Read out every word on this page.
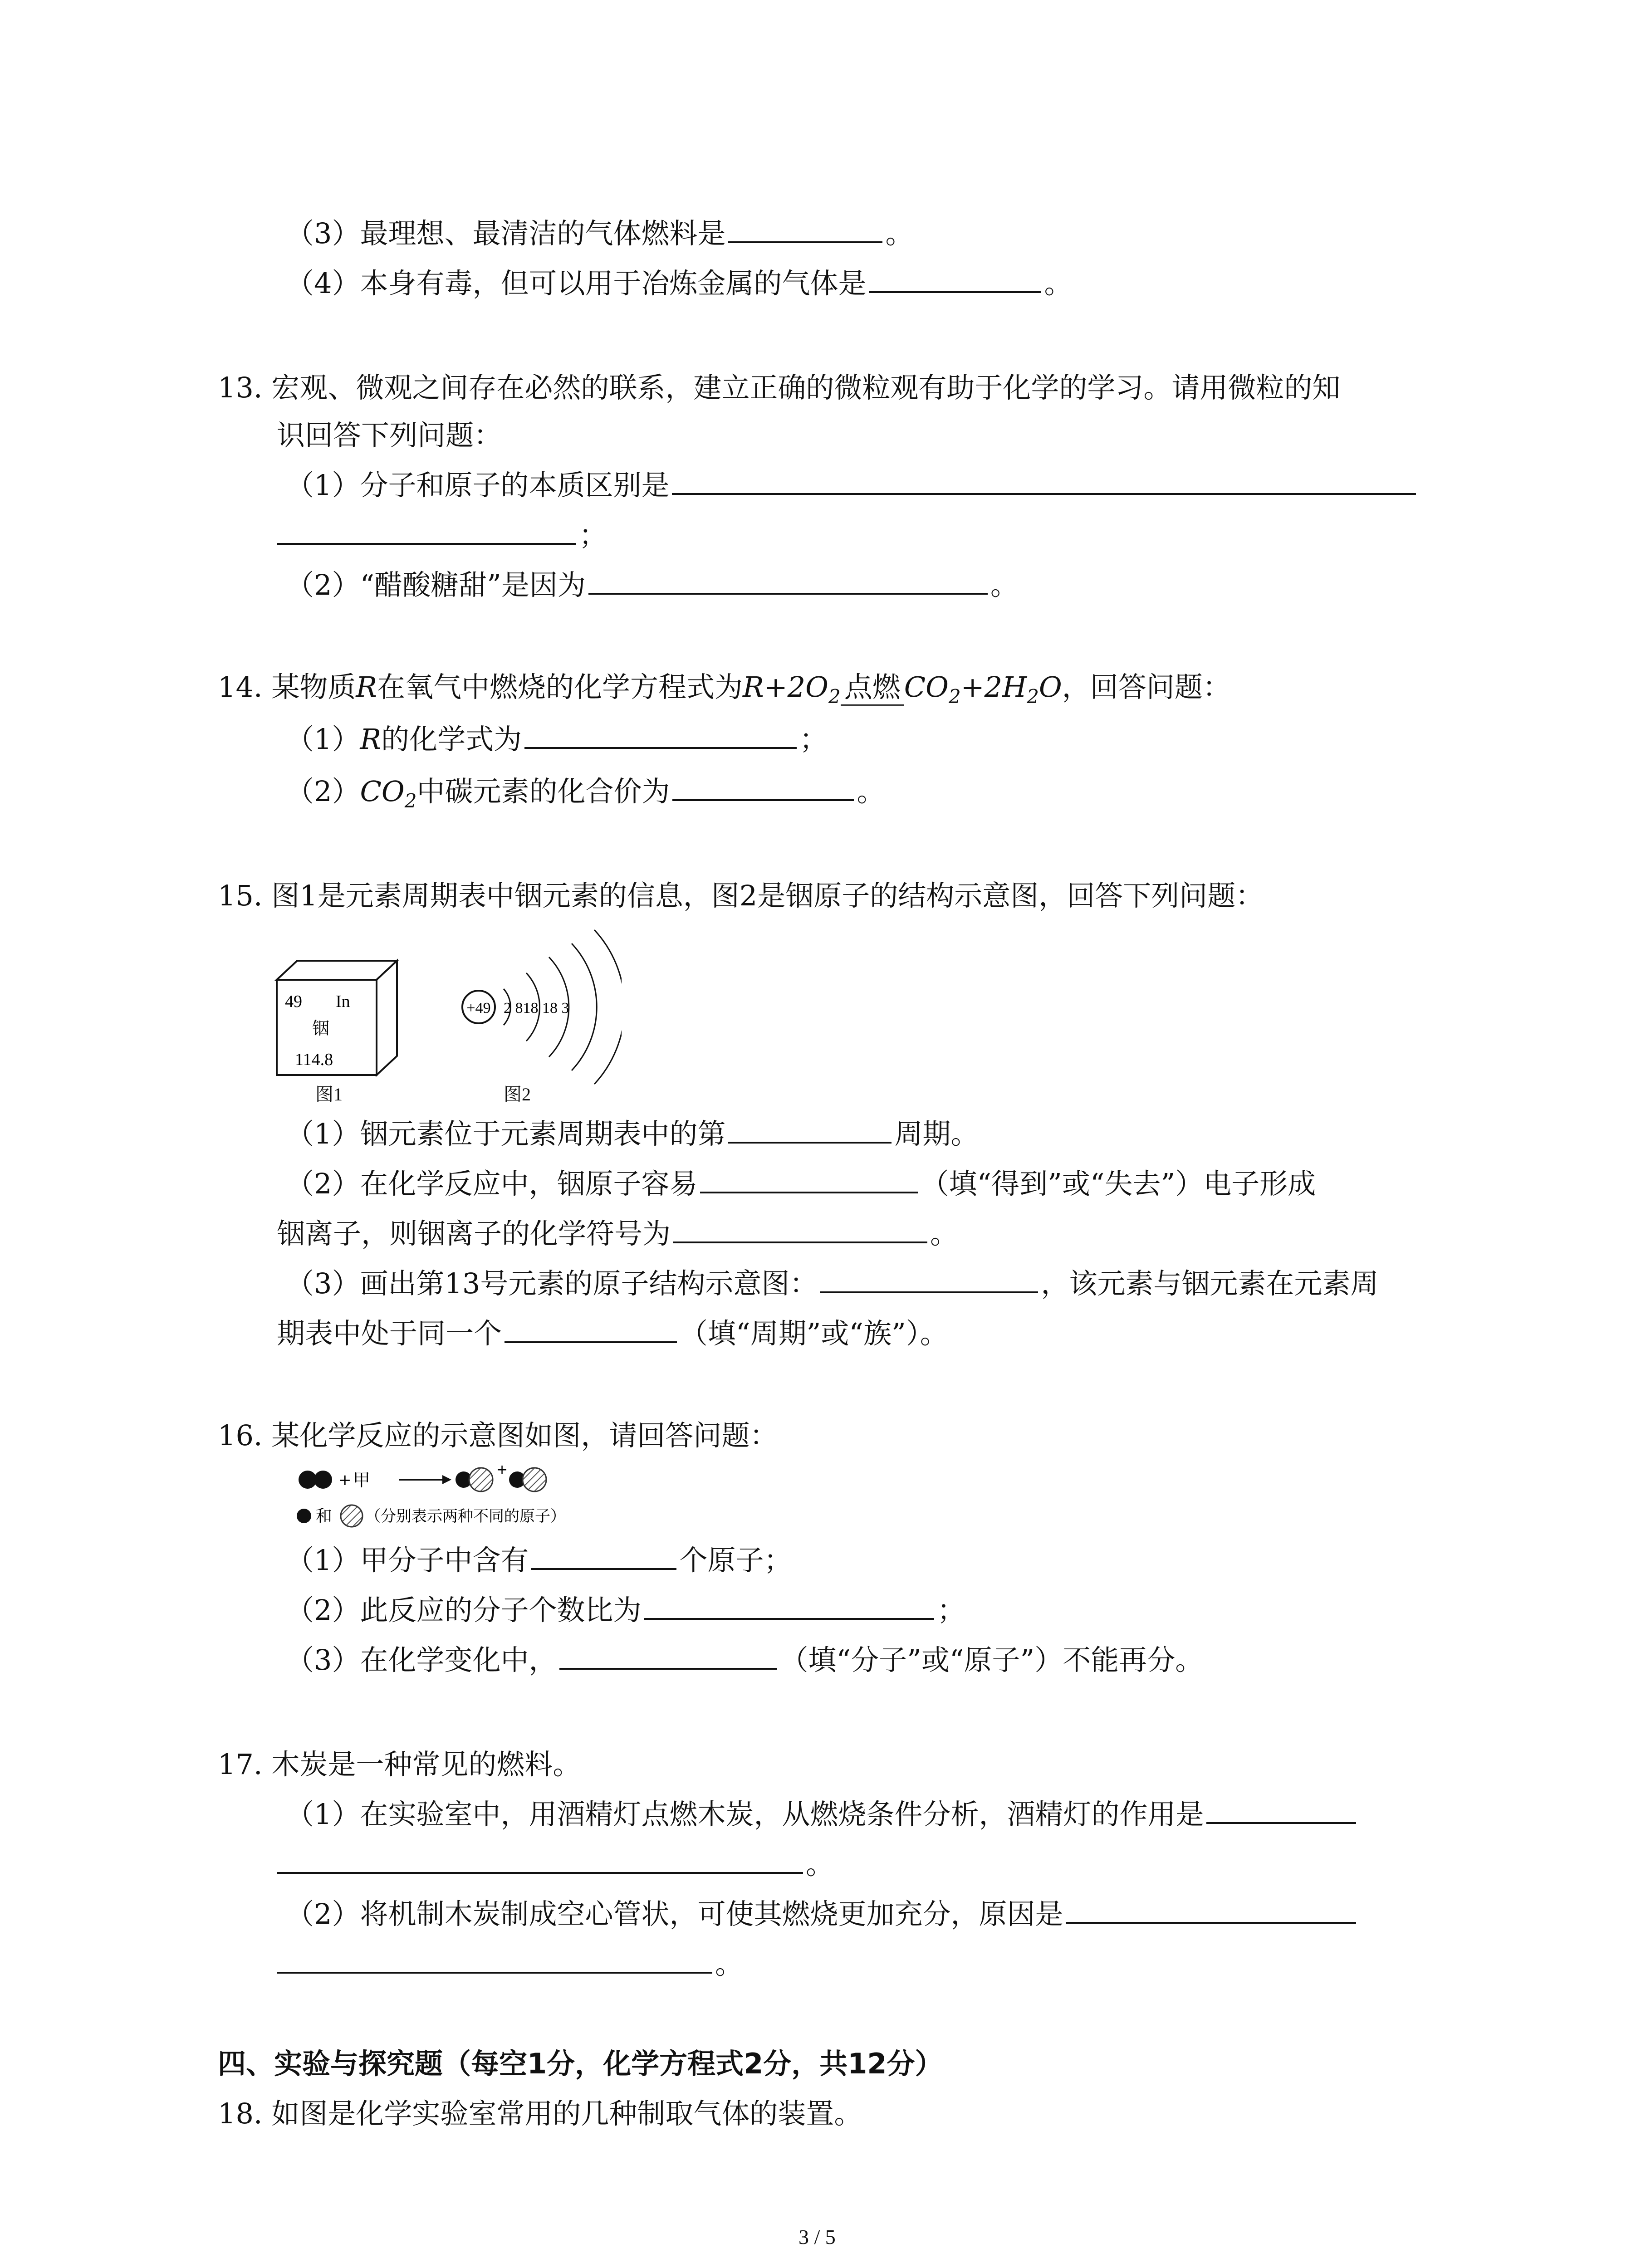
（3）最理想、最清洁的气体燃料是	。
（4）本身有毒，但可以用于冶炼金属的气体是	。
13. 宏观、微观之间存在必然的联系，建立正确的微粒观有助于化学的学习。请用微粒的知
识回答下列问题：
（1）分子和原子的本质区别是
；
（2）“醋酸糖甜”是因为	。
14. 某物质R在氧气中燃烧的化学方程式为$R+2O_2$ 点燃 $CO_2+2H_2O$，回答问题：
（1）R的化学式为	；
$(2)CO_2$中碳元素的化合价为	。
15. 图1是元素周期表中铟元素的信息，图2是铟原子的结构示意图，回答下列问题：
49 In
铟
114.8
图1
+49 2 818 18 3
图2
（1）铟元素位于元素周期表中的第	周期。
（2）在化学反应中，铟原子容易	（填“得到”或“失去”）电子形成
铟离子，则铟离子的化学符号为	。
（3）画出第13号元素的原子结构示意图：	，该元素与铟元素在元素周
期表中处于同一个	（填“周期”或“族”）。
16. 某化学反应的示意图如图，请回答问题：
+ 甲
+
和 （分别表示两种不同的原子）
（1）甲分子中含有	个原子；
（2）此反应的分子个数比为	；
（3）在化学变化中，	（填“分子”或“原子”）不能再分。
17. 木炭是一种常见的燃料。
（1）在实验室中，用酒精灯点燃木炭，从燃烧条件分析，酒精灯的作用是
。
（2）将机制木炭制成空心管状，可使其燃烧更加充分，原因是
。
四、实验与探究题（每空1分，化学方程式2分，共12分）
18. 如图是化学实验室常用的几种制取气体的装置。
3 / 5
